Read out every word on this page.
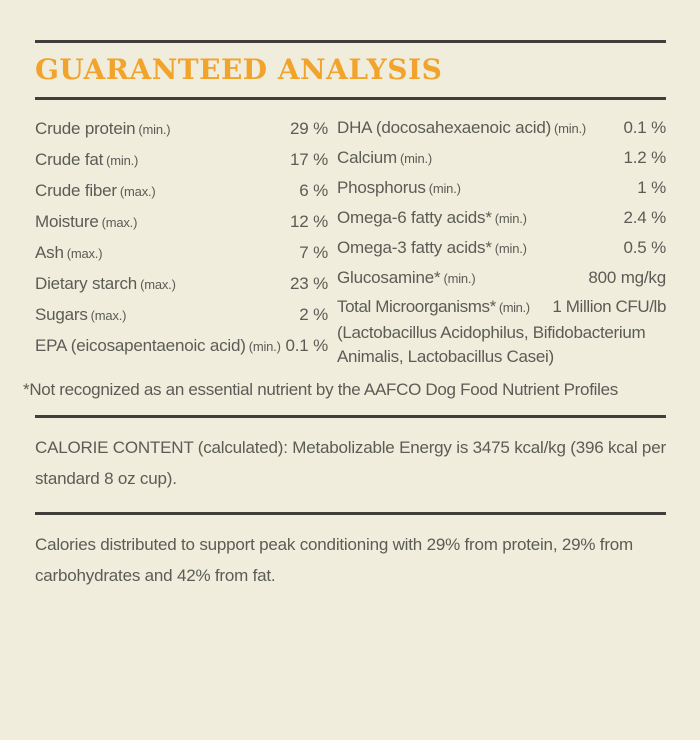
GUARANTEED ANALYSIS
Crude protein (min.)	29 %
Crude fat (min.)	17 %
Crude fiber (max.)	6 %
Moisture (max.)	12 %
Ash (max.)	7 %
Dietary starch (max.)	23 %
Sugars (max.)	2 %
EPA (eicosapentaenoic acid) (min.) 0.1 %
DHA (docosahexaenoic acid) (min.) 0.1 %
Calcium (min.)	1.2 %
Phosphorus (min.)	1 %
Omega-6 fatty acids* (min.)	2.4 %
Omega-3 fatty acids* (min.)	0.5 %
Glucosamine* (min.)	800 mg/kg
Total Microorganisms* (min.) 1 Million CFU/lb
(Lactobacillus Acidophilus, Bifidobacterium
Animalis, Lactobacillus Casei)
*Not recognized as an essential nutrient by the AAFCO Dog Food Nutrient Profiles
CALORIE CONTENT (calculated): Metabolizable Energy is 3475 kcal/kg (396 kcal per
standard 8 oz cup).
Calories distributed to support peak conditioning with 29% from protein, 29% from
carbohydrates and 42% from fat.
